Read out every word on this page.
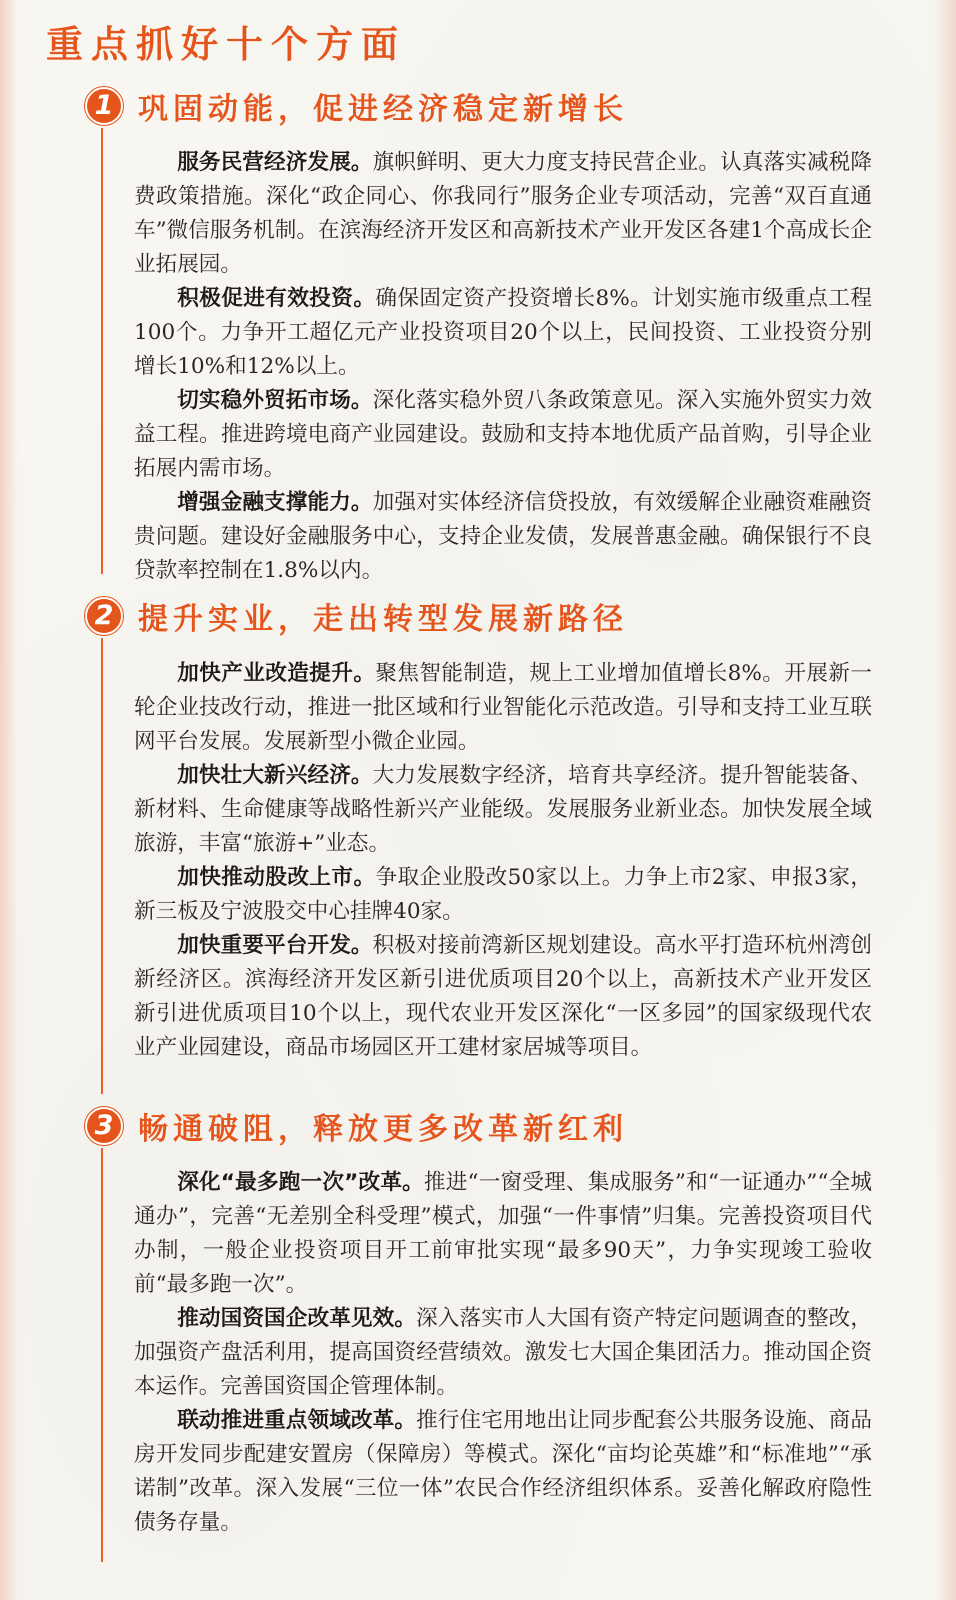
重点抓好十个方面
1 巩固动能，促进经济稳定新增长

服务民营经济发展。旗帜鲜明、更大力度支持民营企业。认真落实减税降费政策措施。深化“政企同心、你我同行”服务企业专项活动，完善“双百直通车”微信服务机制。在滨海经济开发区和高新技术产业开发区各建1个高成长企业拓展园。

积极促进有效投资。确保固定资产投资增长8%。计划实施市级重点工程100个。力争开工超亿元产业投资项目20个以上，民间投资、工业投资分别增长10%和12%以上。

切实稳外贸拓市场。深化落实稳外贸八条政策意见。深入实施外贸实力效益工程。推进跨境电商产业园建设。鼓励和支持本地优质产品首购，引导企业拓展内需市场。

增强金融支撑能力。加强对实体经济信贷投放，有效缓解企业融资难融资贵问题。建设好金融服务中心，支持企业发债，发展普惠金融。确保银行不良贷款率控制在1.8%以内。

2 提升实业，走出转型发展新路径

加快产业改造提升。聚焦智能制造，规上工业增加值增长8%。开展新一轮企业技改行动，推进一批区域和行业智能化示范改造。引导和支持工业互联网平台发展。发展新型小微企业园。

加快壮大新兴经济。大力发展数字经济，培育共享经济。提升智能装备、新材料、生命健康等战略性新兴产业能级。发展服务业新业态。加快发展全域旅游，丰富“旅游+”业态。

加快推动股改上市。争取企业股改50家以上。力争上市2家、申报3家，新三板及宁波股交中心挂牌40家。

加快重要平台开发。积极对接前湾新区规划建设。高水平打造环杭州湾创新经济区。滨海经济开发区新引进优质项目20个以上，高新技术产业开发区新引进优质项目10个以上，现代农业开发区深化“一区多园”的国家级现代农业产业园建设，商品市场园区开工建材家居城等项目。

3 畅通破阻，释放更多改革新红利

深化“最多跑一次”改革。推进“一窗受理、集成服务”和“一证通办”“全城通办”，完善“无差别全科受理”模式，加强“一件事情”归集。完善投资项目代办制，一般企业投资项目开工前审批实现“最多90天”，力争实现竣工验收前“最多跑一次”。

推动国资国企改革见效。深入落实市人大国有资产特定问题调查的整改，加强资产盘活利用，提高国资经营绩效。激发七大国企集团活力。推动国企资本运作。完善国资国企管理体制。

联动推进重点领域改革。推行住宅用地出让同步配套公共服务设施、商品房开发同步配建安置房（保障房）等模式。深化“亩均论英雄”和“标准地”“承诺制”改革。深入发展“三位一体”农民合作经济组织体系。妥善化解政府隐性债务存量。
